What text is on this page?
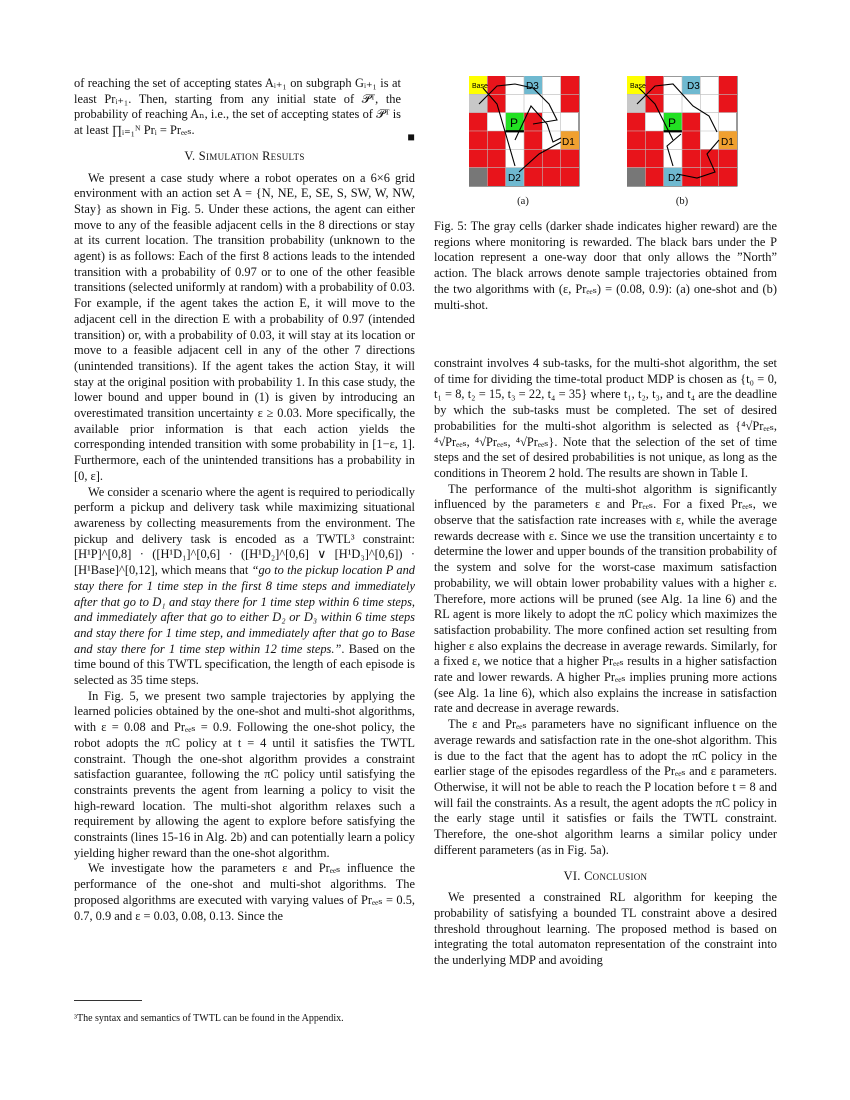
of reaching the set of accepting states Aᵢ₊₁ on subgraph Gᵢ₊₁ is at least Prᵢ₊₁. Then, starting from any initial state of 𝒫ᵀ, the probability of reaching Aₙ, i.e., the set of accepting states of 𝒫ᵀ is at least ∏ᵢ₌₁ᴺ Prᵢ = Prₑₑₛ.	■
V. Simulation Results

We present a case study where a robot operates on a 6×6 grid environment with an action set A = {N, NE, E, SE, S, SW, W, NW, Stay} as shown in Fig. 5. Under these actions, the agent can either move to any of the feasible adjacent cells in the 8 directions or stay at its current location. The transition probability (unknown to the agent) is as follows: Each of the first 8 actions leads to the intended transition with a probability of 0.97 or to one of the other feasible transitions (selected uniformly at random) with a probability of 0.03. For example, if the agent takes the action E, it will move to the adjacent cell in the direction E with a probability of 0.97 (intended transition) or, with a probability of 0.03, it will stay at its location or move to a feasible adjacent cell in any of the other 7 directions (unintended transitions). If the agent takes the action Stay, it will stay at the original position with probability 1. In this case study, the lower bound and upper bound in (1) is given by introducing an overestimated transition uncertainty ε ≥ 0.03. More specifically, the available prior information is that each action yields the corresponding intended transition with some probability in [1−ε, 1]. Furthermore, each of the unintended transitions has a probability in [0, ε].

We consider a scenario where the agent is required to periodically perform a pickup and delivery task while maximizing situational awareness by collecting measurements from the environment. The pickup and delivery task is encoded as a TWTL³ constraint: [H¹P]^[0,8] · ([H¹D₁]^[0,6] · ([H¹D₂]^[0,6] ∨ [H¹D₃]^[0,6]) · [H¹Base]^[0,12], which means that “go to the pickup location P and stay there for 1 time step in the first 8 time steps and immediately after that go to D₁ and stay there for 1 time step within 6 time steps, and immediately after that go to either D₂ or D₃ within 6 time steps and stay there for 1 time step, and immediately after that go to Base and stay there for 1 time step within 12 time steps.”. Based on the time bound of this TWTL specification, the length of each episode is selected as 35 time steps.

In Fig. 5, we present two sample trajectories by applying the learned policies obtained by the one-shot and multi-shot algorithms, with ε = 0.08 and Prₑₑₛ = 0.9. Following the one-shot policy, the robot adopts the πC policy at t = 4 until it satisfies the TWTL constraint. Though the one-shot algorithm provides a constraint satisfaction guarantee, following the πC policy until satisfying the constraints prevents the agent from learning a policy to visit the high-reward location. The multi-shot algorithm relaxes such a requirement by allowing the agent to explore before satisfying the constraints (lines 15-16 in Alg. 2b) and can potentially learn a policy yielding higher reward than the one-shot algorithm.

We investigate how the parameters ε and Prₑₑₛ influence the performance of the one-shot and multi-shot algorithms. The proposed algorithms are executed with varying values of Prₑₑₛ = 0.5, 0.7, 0.9 and ε = 0.03, 0.08, 0.13. Since the

³The syntax and semantics of TWTL can be found in the Appendix.
Base	D3
P
D1
D2
Base	D3
P
D1
D2
(a)	(b)
Fig. 5: The gray cells (darker shade indicates higher reward) are the regions where monitoring is rewarded. The black bars under the P location represent a one-way door that only allows the ”North” action. The black arrows denote sample trajectories obtained from the two algorithms with (ε, Prₑₑₛ) = (0.08, 0.9): (a) one-shot and (b) multi-shot.

constraint involves 4 sub-tasks, for the multi-shot algorithm, the set of time for dividing the time-total product MDP is chosen as {t₀ = 0, t₁ = 8, t₂ = 15, t₃ = 22, t₄ = 35} where t₁, t₂, t₃, and t₄ are the deadline by which the sub-tasks must be completed. The set of desired probabilities for the multi-shot algorithm is selected as {⁴√Prₑₑₛ, ⁴√Prₑₑₛ, ⁴√Prₑₑₛ, ⁴√Prₑₑₛ}. Note that the selection of the set of time steps and the set of desired probabilities is not unique, as long as the conditions in Theorem 2 hold. The results are shown in Table I.

The performance of the multi-shot algorithm is significantly influenced by the parameters ε and Prₑₑₛ. For a fixed Prₑₑₛ, we observe that the satisfaction rate increases with ε, while the average rewards decrease with ε. Since we use the transition uncertainty ε to determine the lower and upper bounds of the transition probability of the system and solve for the worst-case maximum satisfaction probability, we will obtain lower probability values with a higher ε. Therefore, more actions will be pruned (see Alg. 1a line 6) and the RL agent is more likely to adopt the πC policy which maximizes the satisfaction probability. The more confined action set resulting from higher ε also explains the decrease in average rewards. Similarly, for a fixed ε, we notice that a higher Prₑₑₛ results in a higher satisfaction rate and lower rewards. A higher Prₑₑₛ implies pruning more actions (see Alg. 1a line 6), which also explains the increase in satisfaction rate and decrease in average rewards.

The ε and Prₑₑₛ parameters have no significant influence on the average rewards and satisfaction rate in the one-shot algorithm. This is due to the fact that the agent has to adopt the πC policy in the earlier stage of the episodes regardless of the Prₑₑₛ and ε parameters. Otherwise, it will not be able to reach the P location before t = 8 and will fail the constraints. As a result, the agent adopts the πC policy in the early stage until it satisfies or fails the TWTL constraint. Therefore, the one-shot algorithm learns a similar policy under different parameters (as in Fig. 5a).

VI. Conclusion

We presented a constrained RL algorithm for keeping the probability of satisfying a bounded TL constraint above a desired threshold throughout learning. The proposed method is based on integrating the total automaton representation of the constraint into the underlying MDP and avoiding
